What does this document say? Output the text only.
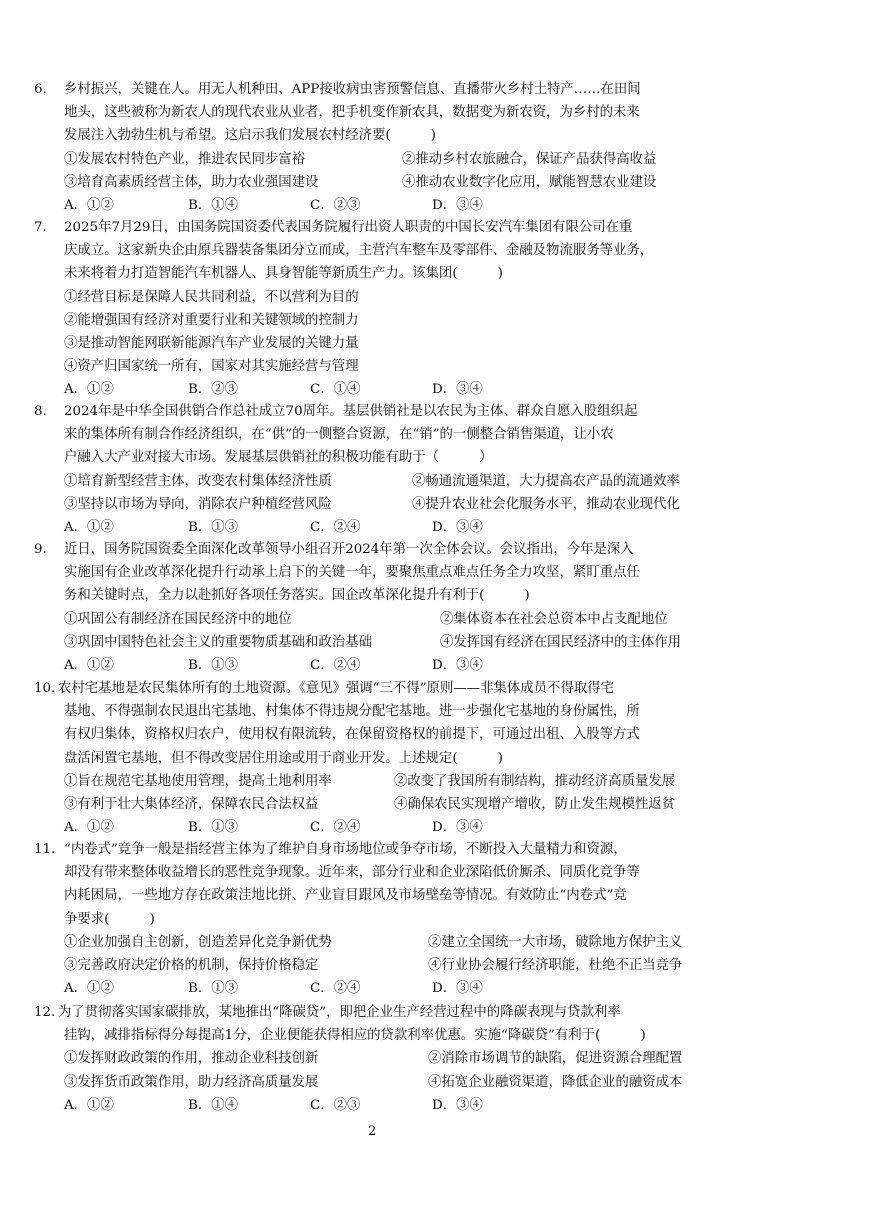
6. 乡村振兴，关键在人。用无人机种田、APP接收病虫害预警信息、直播带火乡村土特产……在田间
地头，这些被称为新农人的现代农业从业者，把手机变作新农具，数据变为新农资，为乡村的未来
发展注入勃勃生机与希望。这启示我们发展农村经济要(　　　)
①发展农村特色产业，推进农民同步富裕	②推动乡村农旅融合，保证产品获得高收益
③培育高素质经营主体，助力农业强国建设	④推动农业数字化应用，赋能智慧农业建设
A．①②	B．①④	C．②③	D．③④
7. 2025年7月29日，由国务院国资委代表国务院履行出资人职责的中国长安汽车集团有限公司在重
庆成立。这家新央企由原兵器装备集团分立而成，主营汽车整车及零部件、金融及物流服务等业务，
未来将着力打造智能汽车机器人、具身智能等新质生产力。该集团(　　　)
①经营目标是保障人民共同利益，不以营利为目的
②能增强国有经济对重要行业和关键领域的控制力
③是推动智能网联新能源汽车产业发展的关键力量
④资产归国家统一所有，国家对其实施经营与管理
A．①②	B．②③	C．①④	D．③④
8. 2024年是中华全国供销合作总社成立70周年。基层供销社是以农民为主体、群众自愿入股组织起
来的集体所有制合作经济组织，在“供”的一侧整合资源，在“销”的一侧整合销售渠道，让小农
户融入大产业对接大市场。发展基层供销社的积极功能有助于（　　　）
①培育新型经营主体，改变农村集体经济性质	②畅通流通渠道，大力提高农产品的流通效率
③坚持以市场为导向，消除农户种植经营风险	④提升农业社会化服务水平，推动农业现代化
A．①②	B．①③	C．②④	D．③④
9. 近日，国务院国资委全面深化改革领导小组召开2024年第一次全体会议。会议指出，今年是深入
实施国有企业改革深化提升行动承上启下的关键一年，要聚焦重点难点任务全力攻坚，紧盯重点任
务和关键时点，全力以赴抓好各项任务落实。国企改革深化提升有利于(　　　)
①巩固公有制经济在国民经济中的地位	②集体资本在社会总资本中占支配地位
③巩固中国特色社会主义的重要物质基础和政治基础	④发挥国有经济在国民经济中的主体作用
A．①②	B．①③	C．②④	D．③④
10. 农村宅基地是农民集体所有的土地资源。《意见》强调“三不得”原则——非集体成员不得取得宅
基地、不得强制农民退出宅基地、村集体不得违规分配宅基地。进一步强化宅基地的身份属性，所
有权归集体，资格权归农户，使用权有限流转，在保留资格权的前提下，可通过出租、入股等方式
盘活闲置宅基地，但不得改变居住用途或用于商业开发。上述规定(　　　)
①旨在规范宅基地使用管理，提高土地利用率	②改变了我国所有制结构，推动经济高质量发展
③有利于壮大集体经济，保障农民合法权益	④确保农民实现增产增收，防止发生规模性返贫
A．①②	B．①③	C．②④	D．③④
11. “内卷式”竞争一般是指经营主体为了维护自身市场地位或争夺市场，不断投入大量精力和资源，
却没有带来整体收益增长的恶性竞争现象。近年来，部分行业和企业深陷低价厮杀、同质化竞争等
内耗困局，一些地方存在政策洼地比拼、产业盲目跟风及市场壁垒等情况。有效防止“内卷式”竞
争要求(　　　)
①企业加强自主创新，创造差异化竞争新优势	②建立全国统一大市场，破除地方保护主义
③完善政府决定价格的机制，保持价格稳定	④行业协会履行经济职能，杜绝不正当竞争
A．①②	B．①③	C．②④	D．③④
12. 为了贯彻落实国家碳排放，某地推出“降碳贷”，即把企业生产经营过程中的降碳表现与贷款利率
挂钩，减排指标得分每提高1分，企业便能获得相应的贷款利率优惠。实施“降碳贷”有利于(　　　)
①发挥财政政策的作用，推动企业科技创新	②消除市场调节的缺陷，促进资源合理配置
③发挥货币政策作用，助力经济高质量发展	④拓宽企业融资渠道，降低企业的融资成本
A．①②	B．①④	C．②③	D．③④
2
